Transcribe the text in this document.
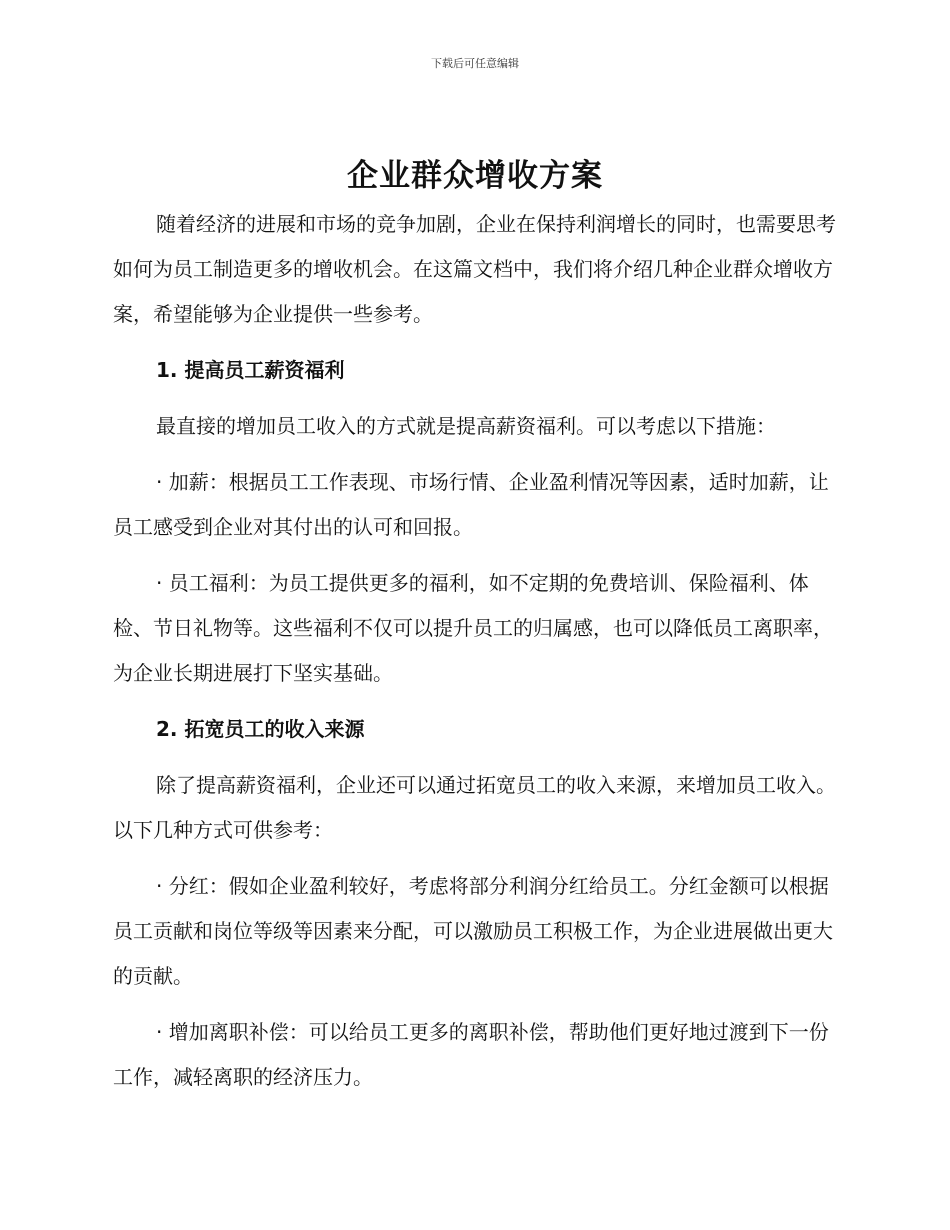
下载后可任意编辑
企业群众增收方案

随着经济的进展和市场的竞争加剧，企业在保持利润增长的同时，也需要思考如何为员工制造更多的增收机会。在这篇文档中，我们将介绍几种企业群众增收方案，希望能够为企业提供一些参考。

1. 提高员工薪资福利

最直接的增加员工收入的方式就是提高薪资福利。可以考虑以下措施：

· 加薪：根据员工工作表现、市场行情、企业盈利情况等因素，适时加薪，让员工感受到企业对其付出的认可和回报。

· 员工福利：为员工提供更多的福利，如不定期的免费培训、保险福利、体检、节日礼物等。这些福利不仅可以提升员工的归属感，也可以降低员工离职率，为企业长期进展打下坚实基础。

2. 拓宽员工的收入来源

除了提高薪资福利，企业还可以通过拓宽员工的收入来源，来增加员工收入。以下几种方式可供参考：

· 分红：假如企业盈利较好，考虑将部分利润分红给员工。分红金额可以根据员工贡献和岗位等级等因素来分配，可以激励员工积极工作，为企业进展做出更大的贡献。

· 增加离职补偿：可以给员工更多的离职补偿，帮助他们更好地过渡到下一份工作，减轻离职的经济压力。
